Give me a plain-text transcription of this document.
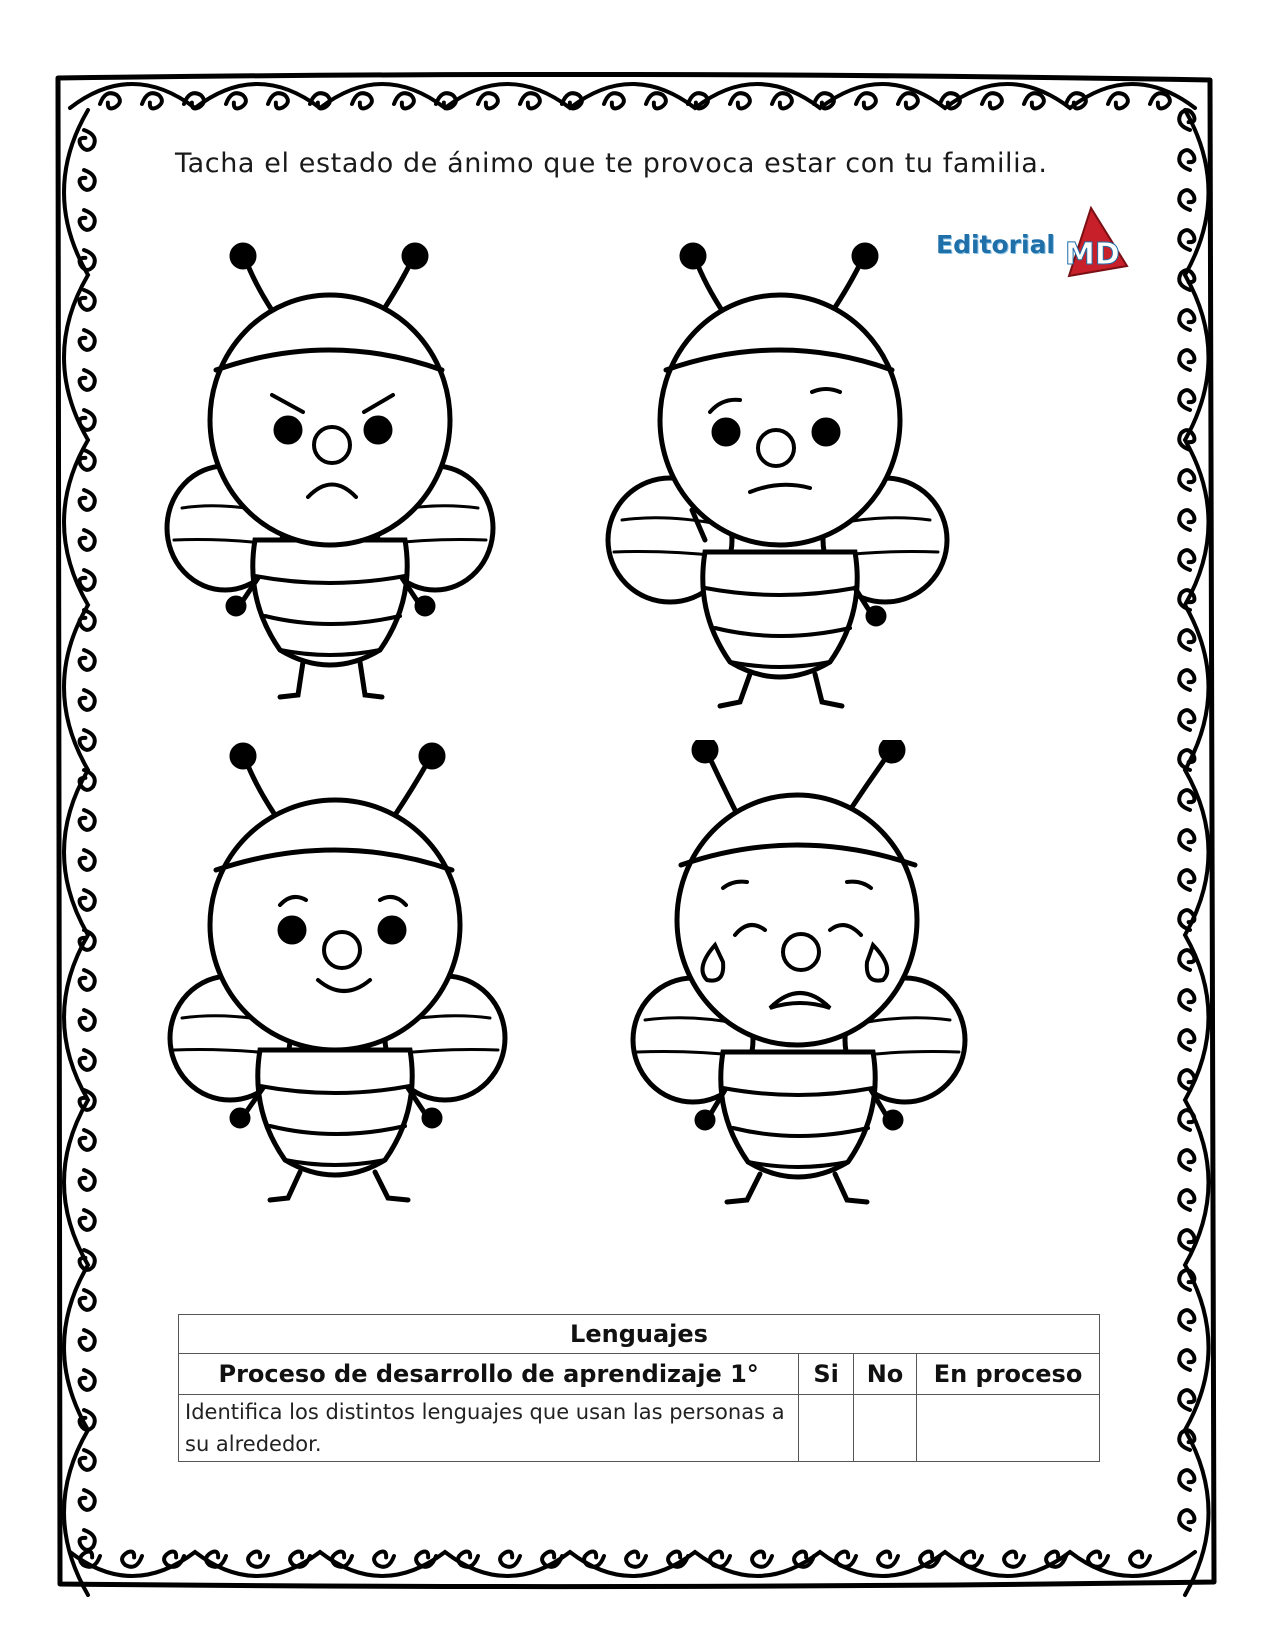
Tacha el estado de ánimo que te provoca estar con tu familia.
Editorial MD
Lenguajes			
Proceso de desarrollo de aprendizaje 1°	Si	No	En proceso
Identifica los distintos lenguajes que usan las personas a su alrededor.			
